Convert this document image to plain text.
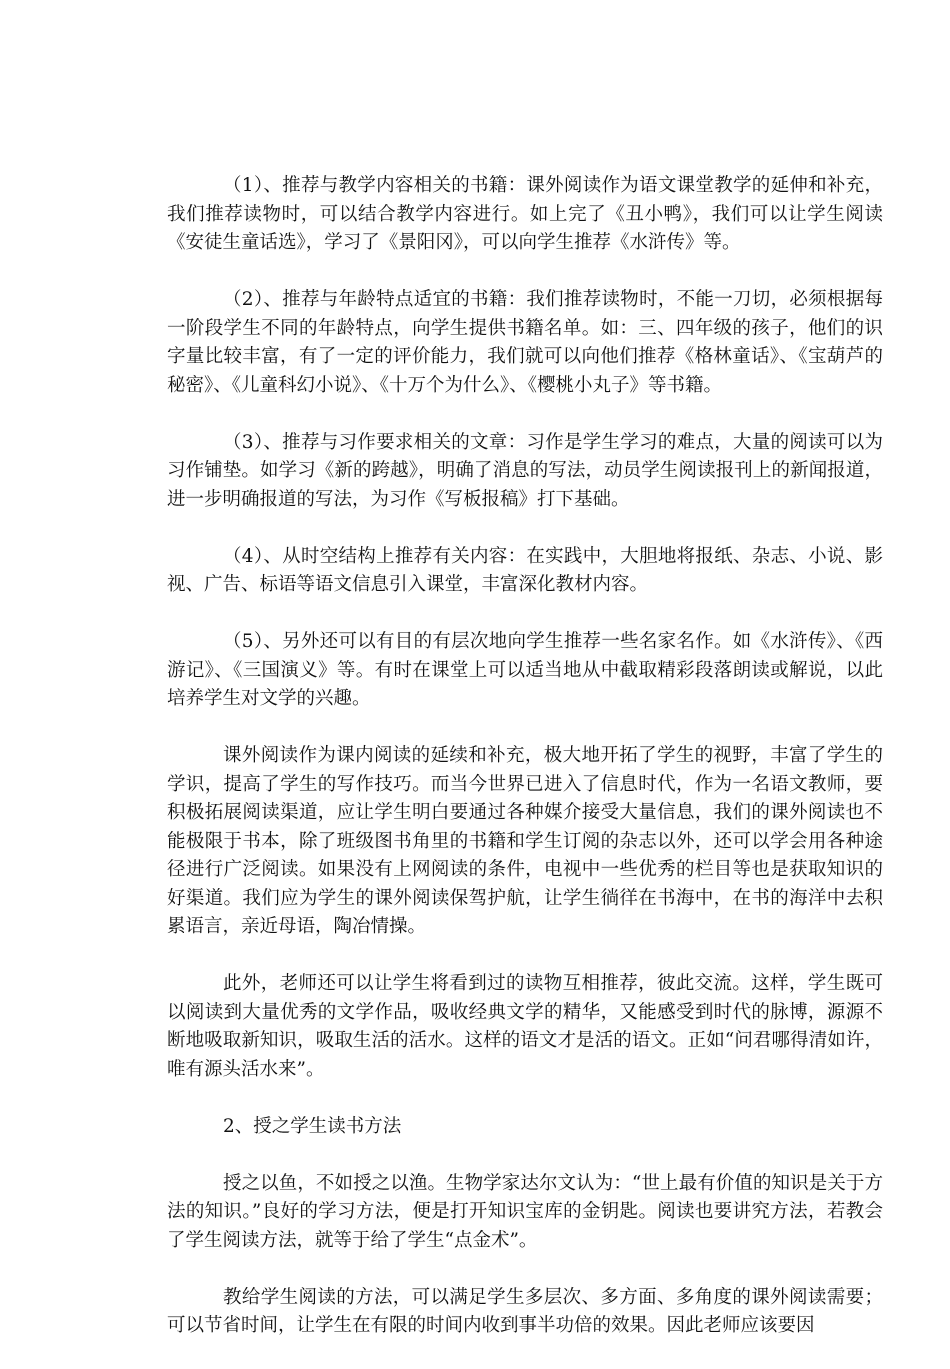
（1）、推荐与教学内容相关的书籍：课外阅读作为语文课堂教学的延伸和补充，我们推荐读物时，可以结合教学内容进行。如上完了《丑小鸭》，我们可以让学生阅读《安徒生童话选》，学习了《景阳冈》，可以向学生推荐《水浒传》等。

（2）、推荐与年龄特点适宜的书籍：我们推荐读物时，不能一刀切，必须根据每一阶段学生不同的年龄特点，向学生提供书籍名单。如：三、四年级的孩子，他们的识字量比较丰富，有了一定的评价能力，我们就可以向他们推荐《格林童话》、《宝葫芦的秘密》、《儿童科幻小说》、《十万个为什么》、《樱桃小丸子》等书籍。

（3）、推荐与习作要求相关的文章：习作是学生学习的难点，大量的阅读可以为习作铺垫。如学习《新的跨越》，明确了消息的写法，动员学生阅读报刊上的新闻报道，进一步明确报道的写法，为习作《写板报稿》打下基础。

（4）、从时空结构上推荐有关内容：在实践中，大胆地将报纸、杂志、小说、影视、广告、标语等语文信息引入课堂，丰富深化教材内容。

（5）、另外还可以有目的有层次地向学生推荐一些名家名作。如《水浒传》、《西游记》、《三国演义》等。有时在课堂上可以适当地从中截取精彩段落朗读或解说，以此培养学生对文学的兴趣。

课外阅读作为课内阅读的延续和补充，极大地开拓了学生的视野，丰富了学生的学识，提高了学生的写作技巧。而当今世界已进入了信息时代，作为一名语文教师，要积极拓展阅读渠道，应让学生明白要通过各种媒介接受大量信息，我们的课外阅读也不能极限于书本，除了班级图书角里的书籍和学生订阅的杂志以外，还可以学会用各种途径进行广泛阅读。如果没有上网阅读的条件，电视中一些优秀的栏目等也是获取知识的好渠道。我们应为学生的课外阅读保驾护航，让学生徜徉在书海中，在书的海洋中去积累语言，亲近母语，陶冶情操。

此外，老师还可以让学生将看到过的读物互相推荐，彼此交流。这样，学生既可以阅读到大量优秀的文学作品，吸收经典文学的精华，又能感受到时代的脉博，源源不断地吸取新知识，吸取生活的活水。这样的语文才是活的语文。正如“问君哪得清如许，唯有源头活水来”。

2、授之学生读书方法

授之以鱼，不如授之以渔。生物学家达尔文认为：“世上最有价值的知识是关于方法的知识。”良好的学习方法，便是打开知识宝库的金钥匙。阅读也要讲究方法，若教会了学生阅读方法，就等于给了学生“点金术”。

教给学生阅读的方法，可以满足学生多层次、多方面、多角度的课外阅读需要；可以节省时间，让学生在有限的时间内收到事半功倍的效果。因此老师应该要因
